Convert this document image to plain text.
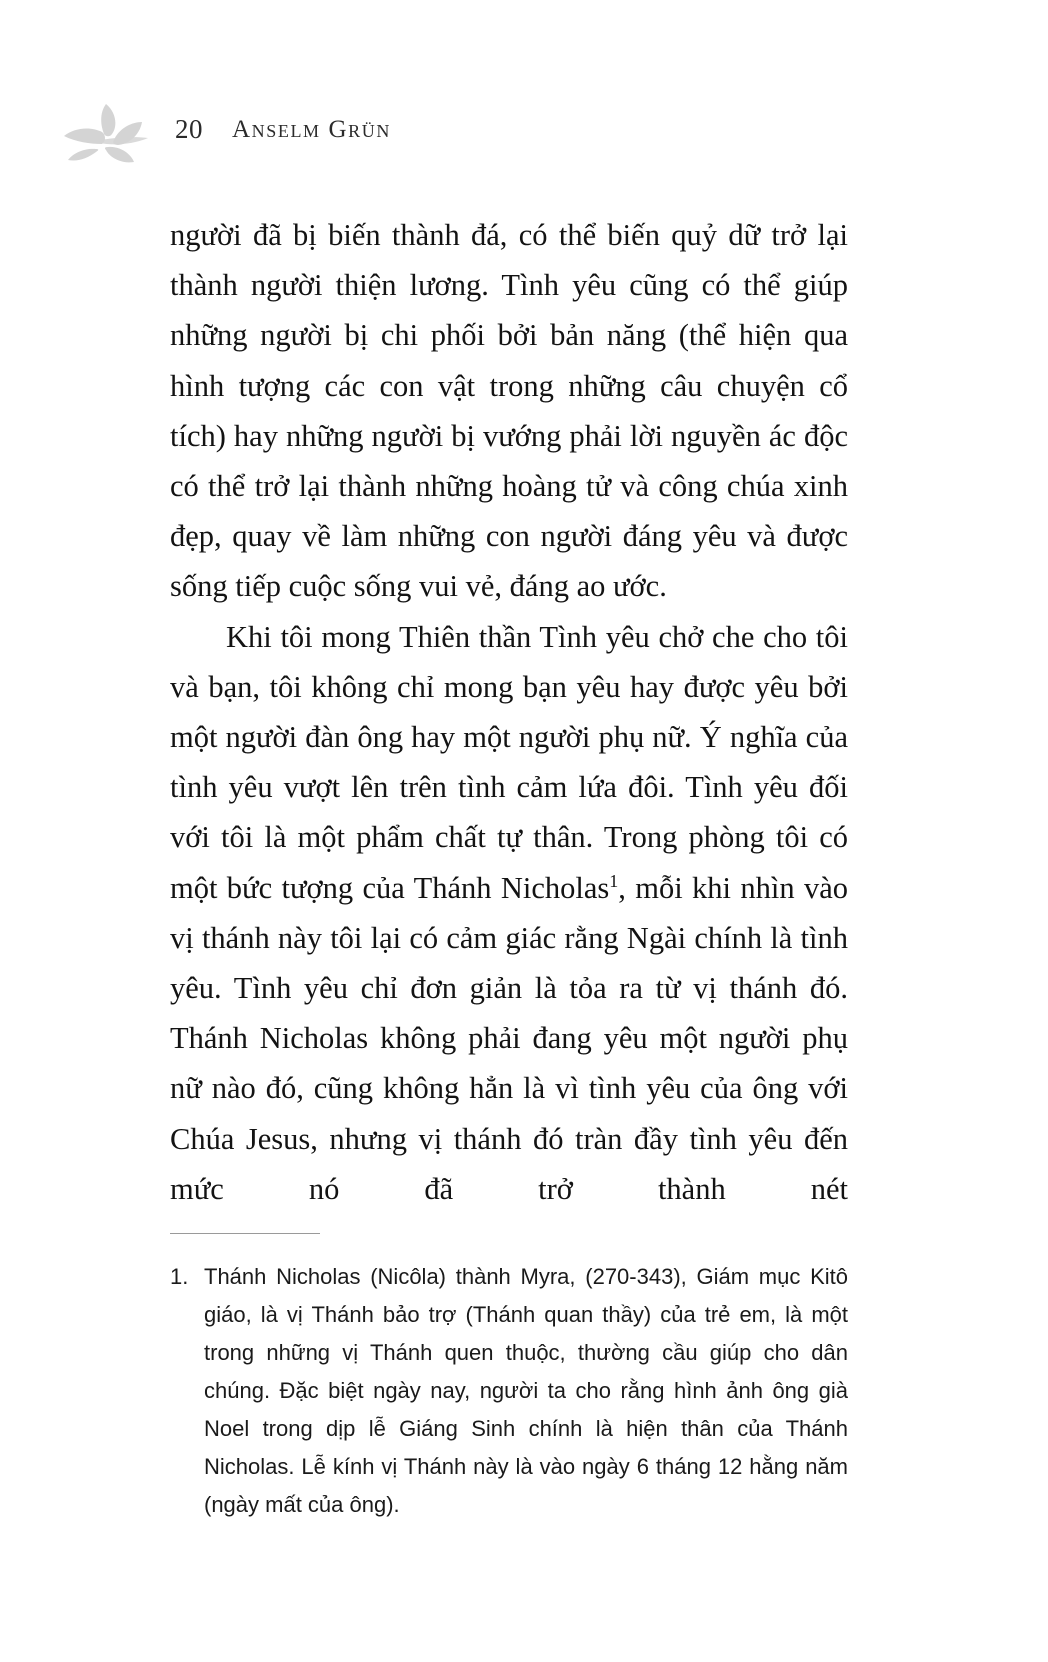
20 Anselm Grün

người đã bị biến thành đá, có thể biến quỷ dữ trở lại thành người thiện lương. Tình yêu cũng có thể giúp những người bị chi phối bởi bản năng (thể hiện qua hình tượng các con vật trong những câu chuyện cổ tích) hay những người bị vướng phải lời nguyền ác độc có thể trở lại thành những hoàng tử và công chúa xinh đẹp, quay về làm những con người đáng yêu và được sống tiếp cuộc sống vui vẻ, đáng ao ước.

Khi tôi mong Thiên thần Tình yêu chở che cho tôi và bạn, tôi không chỉ mong bạn yêu hay được yêu bởi một người đàn ông hay một người phụ nữ. Ý nghĩa của tình yêu vượt lên trên tình cảm lứa đôi. Tình yêu đối với tôi là một phẩm chất tự thân. Trong phòng tôi có một bức tượng của Thánh Nicholas$^1$, mỗi khi nhìn vào vị thánh này tôi lại có cảm giác rằng Ngài chính là tình yêu. Tình yêu chỉ đơn giản là tỏa ra từ vị thánh đó. Thánh Nicholas không phải đang yêu một người phụ nữ nào đó, cũng không hẳn là vì tình yêu của ông với Chúa Jesus, nhưng vị thánh đó tràn đầy tình yêu đến mức nó đã trở thành nét

1. Thánh Nicholas (Nicôla) thành Myra, (270-343), Giám mục Kitô giáo, là vị Thánh bảo trợ (Thánh quan thầy) của trẻ em, là một trong những vị Thánh quen thuộc, thường cầu giúp cho dân chúng. Đặc biệt ngày nay, người ta cho rằng hình ảnh ông già Noel trong dịp lễ Giáng Sinh chính là hiện thân của Thánh Nicholas. Lễ kính vị Thánh này là vào ngày 6 tháng 12 hằng năm (ngày mất của ông).
